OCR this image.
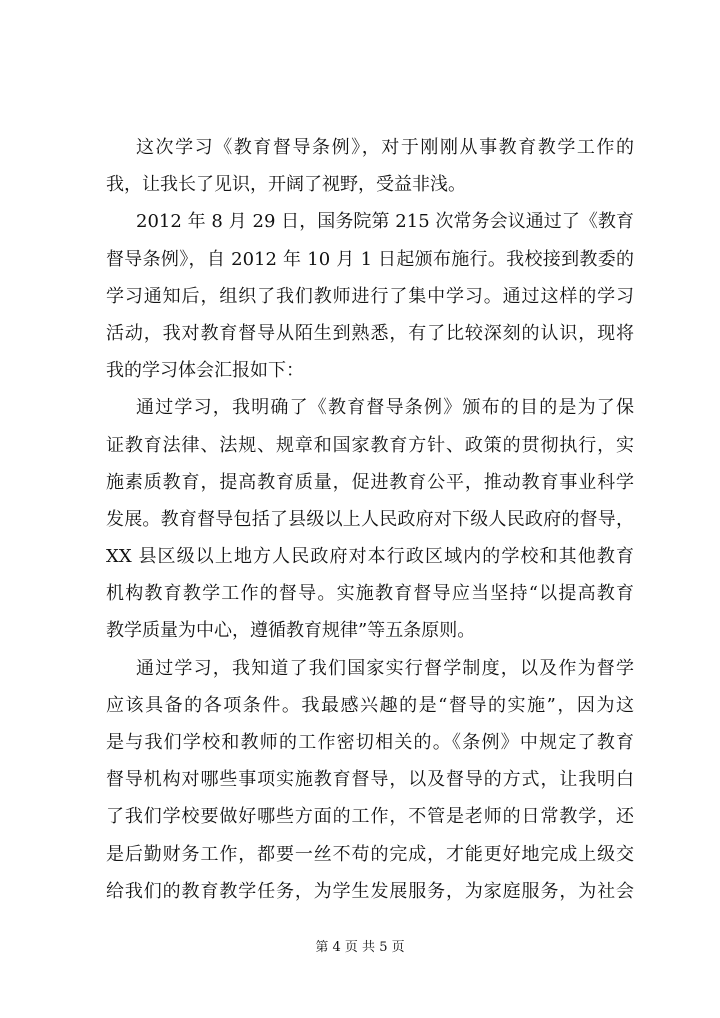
这次学习《教育督导条例》，对于刚刚从事教育教学工作的
我，让我长了见识，开阔了视野，受益非浅。
2012 年 8 月 29 日，国务院第 215 次常务会议通过了《教育
督导条例》，自 2012 年 10 月 1 日起颁布施行。我校接到教委的
学习通知后，组织了我们教师进行了集中学习。通过这样的学习
活动，我对教育督导从陌生到熟悉，有了比较深刻的认识，现将
我的学习体会汇报如下：
通过学习，我明确了《教育督导条例》颁布的目的是为了保
证教育法律、法规、规章和国家教育方针、政策的贯彻执行，实
施素质教育，提高教育质量，促进教育公平，推动教育事业科学
发展。教育督导包括了县级以上人民政府对下级人民政府的督导，
XX 县区级以上地方人民政府对本行政区域内的学校和其他教育
机构教育教学工作的督导。实施教育督导应当坚持“以提高教育
教学质量为中心，遵循教育规律”等五条原则。
通过学习，我知道了我们国家实行督学制度，以及作为督学
应该具备的各项条件。我最感兴趣的是“督导的实施”，因为这
是与我们学校和教师的工作密切相关的。《条例》中规定了教育
督导机构对哪些事项实施教育督导，以及督导的方式，让我明白
了我们学校要做好哪些方面的工作，不管是老师的日常教学，还
是后勤财务工作，都要一丝不苟的完成，才能更好地完成上级交
给我们的教育教学任务，为学生发展服务，为家庭服务，为社会
第 4 页 共 5 页
